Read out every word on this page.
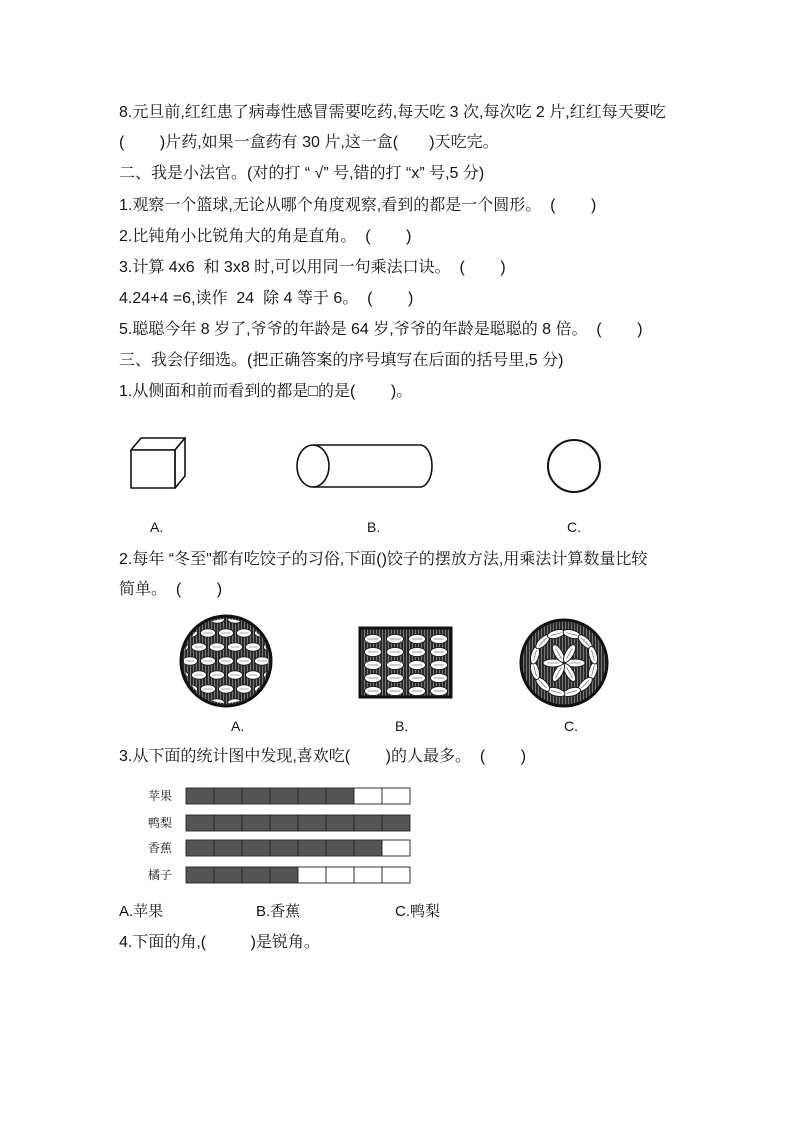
8.元旦前,红红患了病毒性感冒需要吃药,每天吃 3 次,每次吃 2 片,红红每天要吃
(        )片药,如果一盒药有 30 片,这一盒(       )天吃完。
二、我是小法官。(对的打 “ √” 号,错的打 “x” 号,5 分)
1.观察一个篮球,无论从哪个角度观察,看到的都是一个圆形。  (        )
2.比钝角小比锐角大的角是直角。  (        )
3.计算 4x6  和 3x8 时,可以用同一句乘法口诀。  (        )
4.24+4 =6,读作  24  除 4 等于 6。  (        )
5.聪聪今年 8 岁了,爷爷的年龄是 64 岁,爷爷的年龄是聪聪的 8 倍。  (        )
三、我会仔细选。(把正确答案的序号填写在后面的括号里,5 分)
1.从侧面和前而看到的都是□的是(        )。
A.	B.	C.
2.每年 “冬至"都有吃饺子的习俗,下面()饺子的摆放方法,用乘法计算数量比较
简单。  (        )
A.	B.	C.
3.从下面的统计图中发现,喜欢吃(        )的人最多。  (        )
苹果
鸭梨
香蕉
橘子
A.苹果	B.香蕉	C.鸭梨
4.下面的角,(          )是锐角。
